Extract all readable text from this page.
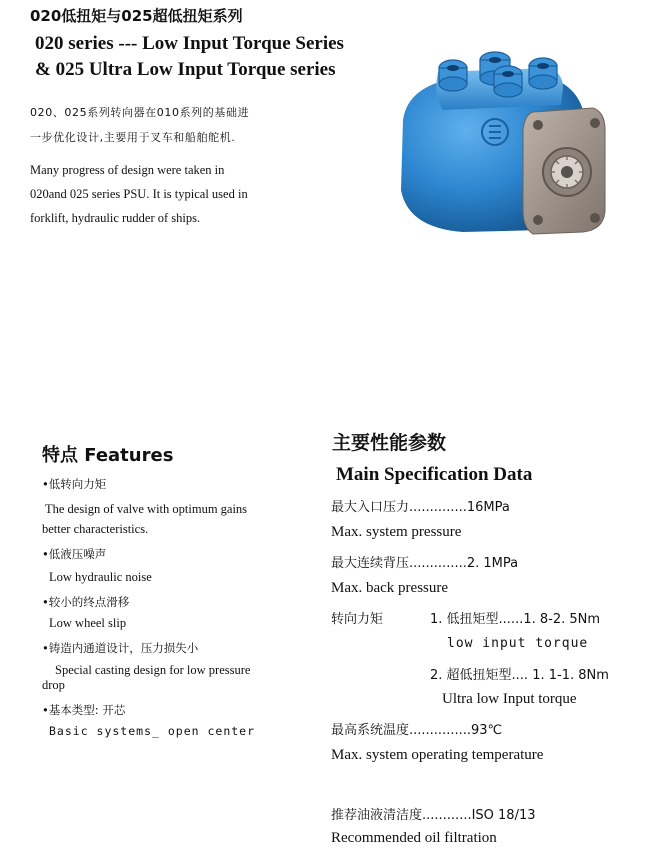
020低扭矩与025超低扭矩系列
020 series --- Low Input Torque Series
& 025 Ultra Low Input Torque series
020、025系列转向器在010系列的基础进
一步优化设计,主要用于叉车和船舶舵机.
Many progress of design were taken in
020and 025 series PSU. It is typical used in
forklift, hydraulic rudder of ships.
特点 Features
•低转向力矩
The design of valve with optimum gains
better characteristics.
•低液压噪声
Low hydraulic noise
•较小的终点滑移
Low wheel slip
•铸造内通道设计，压力损失小
Special casting design for low pressure
drop
•基本类型: 开芯
Basic systems_ open center
主要性能参数
Main Specification Data
最大入口压力..............16MPa
Max. system pressure
最大连续背压..............2. 1MPa
Max. back pressure
转向力矩	1. 低扭矩型......1. 8-2. 5Nm
low input torque
2. 超低扭矩型.... 1. 1-1. 8Nm
Ultra low Input torque
最高系统温度...............93℃
Max. system operating temperature
推荐油液清洁度............ISO 18/13
Recommended oil filtration
